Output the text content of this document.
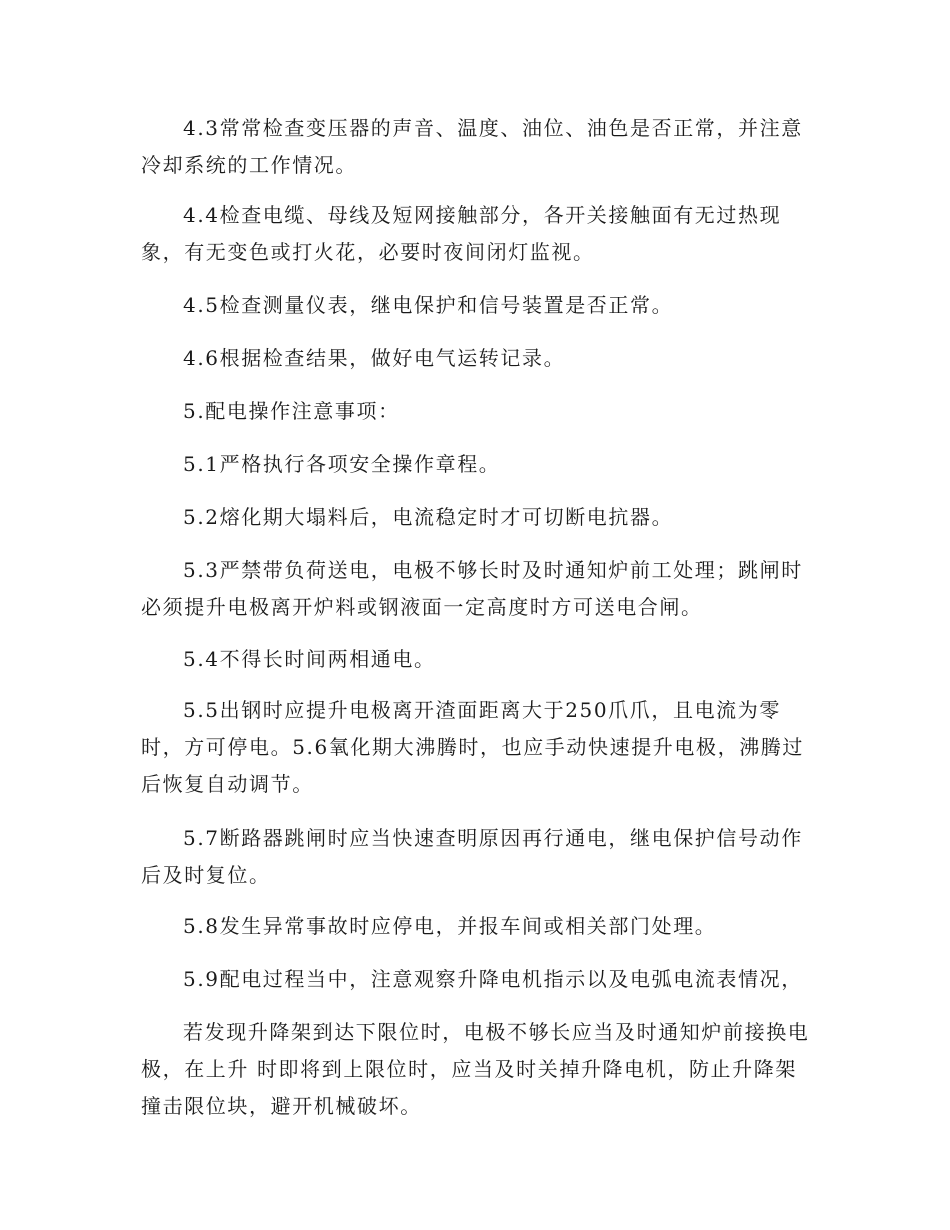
4.3常常检查变压器的声音、温度、油位、油色是否正常，并注意冷却系统的工作情况。

4.4检查电缆、母线及短网接触部分，各开关接触面有无过热现象，有无变色或打火花，必要时夜间闭灯监视。

4.5检查测量仪表，继电保护和信号装置是否正常。

4.6根据检查结果，做好电气运转记录。

5.配电操作注意事项：

5.1严格执行各项安全操作章程。

5.2熔化期大塌料后，电流稳定时才可切断电抗器。

5.3严禁带负荷送电，电极不够长时及时通知炉前工处理；跳闸时必须提升电极离开炉料或钢液面一定高度时方可送电合闸。

5.4不得长时间两相通电。

5.5出钢时应提升电极离开渣面距离大于250爪爪，且电流为零
时，方可停电。5.6氧化期大沸腾时，也应手动快速提升电极，沸腾过后恢复自动调节。

5.7断路器跳闸时应当快速查明原因再行通电，继电保护信号动作后及时复位。

5.8发生异常事故时应停电，并报车间或相关部门处理。

5.9配电过程当中，注意观察升降电机指示以及电弧电流表情况，

若发现升降架到达下限位时，电极不够长应当及时通知炉前接换电极，在上升 时即将到上限位时，应当及时关掉升降电机，防止升降架撞击限位块，避开机械破坏。
